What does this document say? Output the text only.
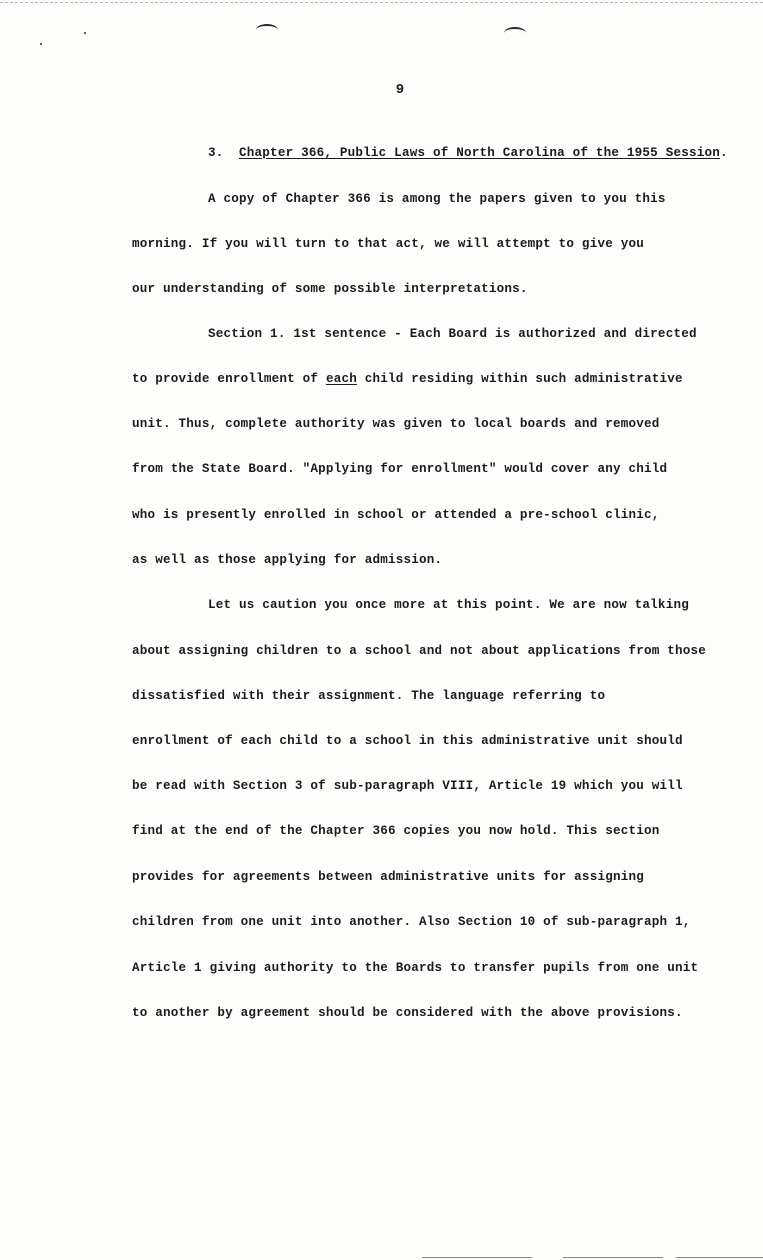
9
3. Chapter 366, Public Laws of North Carolina of the 1955 Session.
A copy of Chapter 366 is among the papers given to you this
morning. If you will turn to that act, we will attempt to give you
our understanding of some possible interpretations.
Section 1. 1st sentence - Each Board is authorized and directed
to provide enrollment of each child residing within such administrative
unit. Thus, complete authority was given to local boards and removed
from the State Board. "Applying for enrollment" would cover any child
who is presently enrolled in school or attended a pre-school clinic,
as well as those applying for admission.
Let us caution you once more at this point. We are now talking
about assigning children to a school and not about applications from those
dissatisfied with their assignment. The language referring to
enrollment of each child to a school in this administrative unit should
be read with Section 3 of sub-paragraph VIII, Article 19 which you will
find at the end of the Chapter 366 copies you now hold. This section
provides for agreements between administrative units for assigning
children from one unit into another. Also Section 10 of sub-paragraph 1,
Article 1 giving authority to the Boards to transfer pupils from one unit
to another by agreement should be considered with the above provisions.
